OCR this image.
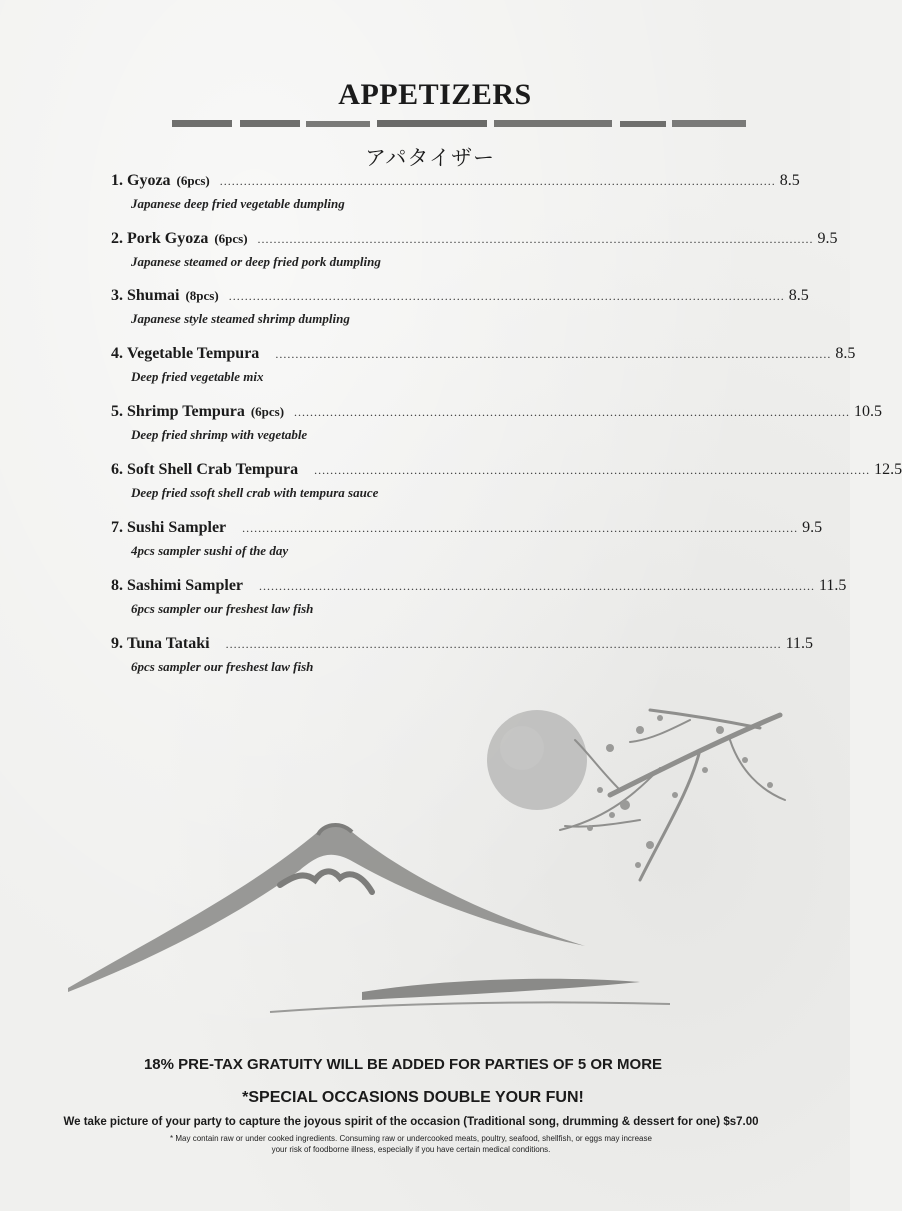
APPETIZERS
アパタイザー
1. Gyoza (6pcs) ........................................................................................................................................... 8.5
Japanese deep fried vegetable dumpling
2. Pork Gyoza (6pcs) ........................................................................................................................................... 9.5
Japanese steamed or deep fried pork dumpling
3. Shumai (8pcs) ........................................................................................................................................... 8.5
Japanese style steamed shrimp dumpling
4. Vegetable Tempura ........................................................................................................................................... 8.5
Deep fried vegetable mix
5. Shrimp Tempura (6pcs) ........................................................................................................................................... 10.5
Deep fried shrimp with vegetable
6. Soft Shell Crab Tempura ........................................................................................................................................... 12.5
Deep fried ssoft shell crab with tempura sauce
7. Sushi Sampler ........................................................................................................................................... 9.5
4pcs sampler sushi of the day
8. Sashimi Sampler ........................................................................................................................................... 11.5
6pcs sampler our freshest law fish
9. Tuna Tataki ........................................................................................................................................... 11.5
6pcs sampler our freshest law fish
18% PRE-TAX GRATUITY WILL BE ADDED FOR PARTIES OF 5 OR MORE
*SPECIAL OCCASIONS DOUBLE YOUR FUN!
We take picture of your party to capture the joyous spirit of the occasion (Traditional song, drumming & dessert for one) $s7.00
* May contain raw or under cooked ingredients. Consuming raw or undercooked meats, poultry, seafood, shellfish, or eggs may increase
your risk of foodborne illness, especially if you have certain medical conditions.
